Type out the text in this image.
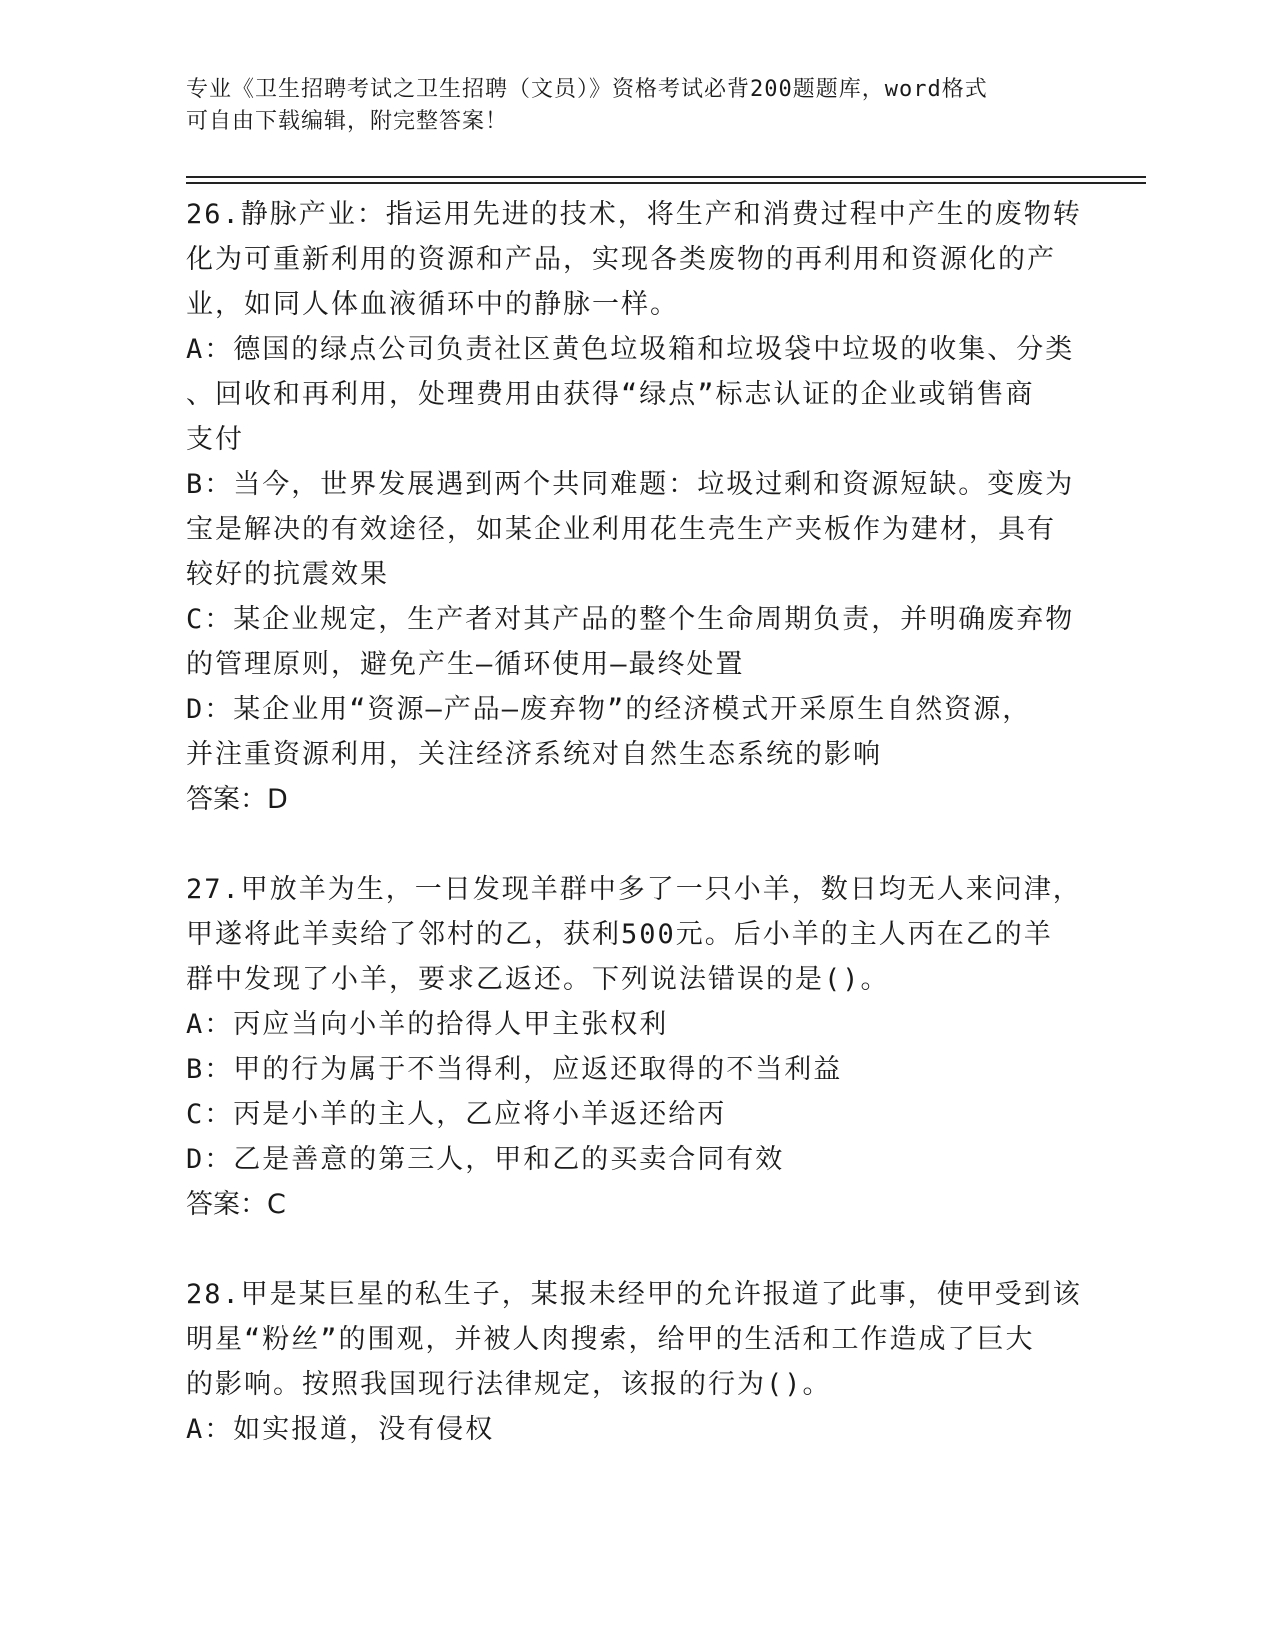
专业《卫生招聘考试之卫生招聘（文员）》资格考试必背200题题库，word格式
可自由下载编辑，附完整答案！
26.静脉产业：指运用先进的技术，将生产和消费过程中产生的废物转
化为可重新利用的资源和产品，实现各类废物的再利用和资源化的产
业，如同人体血液循环中的静脉一样。
A：德国的绿点公司负责社区黄色垃圾箱和垃圾袋中垃圾的收集、分类
、回收和再利用，处理费用由获得“绿点”标志认证的企业或销售商
支付
B：当今，世界发展遇到两个共同难题：垃圾过剩和资源短缺。变废为
宝是解决的有效途径，如某企业利用花生壳生产夹板作为建材，具有
较好的抗震效果
C：某企业规定，生产者对其产品的整个生命周期负责，并明确废弃物
的管理原则，避免产生—循环使用—最终处置
D：某企业用“资源—产品—废弃物”的经济模式开采原生自然资源，
并注重资源利用，关注经济系统对自然生态系统的影响
答案：D
27.甲放羊为生，一日发现羊群中多了一只小羊，数日均无人来问津，
甲遂将此羊卖给了邻村的乙，获利500元。后小羊的主人丙在乙的羊
群中发现了小羊，要求乙返还。下列说法错误的是()。
A：丙应当向小羊的拾得人甲主张权利
B：甲的行为属于不当得利，应返还取得的不当利益
C：丙是小羊的主人，乙应将小羊返还给丙
D：乙是善意的第三人，甲和乙的买卖合同有效
答案：C
28.甲是某巨星的私生子，某报未经甲的允许报道了此事，使甲受到该
明星“粉丝”的围观，并被人肉搜索，给甲的生活和工作造成了巨大
的影响。按照我国现行法律规定，该报的行为()。
A：如实报道，没有侵权
